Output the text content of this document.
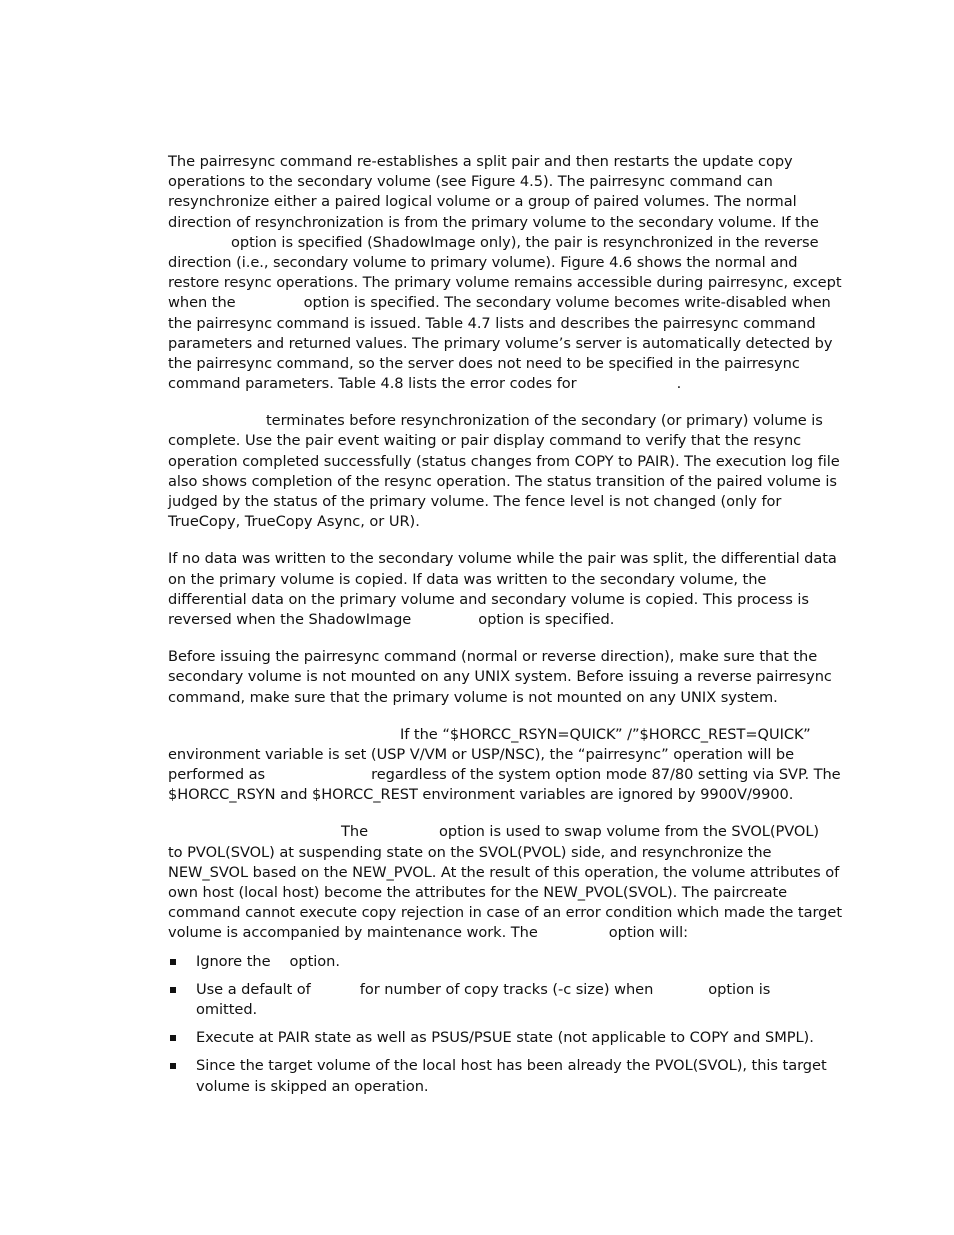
The pairresync command re-establishes a split pair and then restarts the update copy
operations to the secondary volume (see Figure 4.5). The pairresync command can
resynchronize either a paired logical volume or a group of paired volumes. The normal
direction of resynchronization is from the primary volume to the secondary volume. If the
option is specified (ShadowImage only), the pair is resynchronized in the reverse
direction (i.e., secondary volume to primary volume). Figure 4.6 shows the normal and
restore resync operations. The primary volume remains accessible during pairresync, except
when the	option is specified. The secondary volume becomes write-disabled when
the pairresync command is issued. Table 4.7 lists and describes the pairresync command
parameters and returned values. The primary volume’s server is automatically detected by
the pairresync command, so the server does not need to be specified in the pairresync
command parameters. Table 4.8 lists the error codes for	.
terminates before resynchronization of the secondary (or primary) volume is
complete. Use the pair event waiting or pair display command to verify that the resync
operation completed successfully (status changes from COPY to PAIR). The execution log file
also shows completion of the resync operation. The status transition of the paired volume is
judged by the status of the primary volume. The fence level is not changed (only for
TrueCopy, TrueCopy Async, or UR).
If no data was written to the secondary volume while the pair was split, the differential data
on the primary volume is copied. If data was written to the secondary volume, the
differential data on the primary volume and secondary volume is copied. This process is
reversed when the ShadowImage	option is specified.
Before issuing the pairresync command (normal or reverse direction), make sure that the
secondary volume is not mounted on any UNIX system. Before issuing a reverse pairresync
command, make sure that the primary volume is not mounted on any UNIX system.
If the “$HORCC_RSYN=QUICK” /”$HORCC_REST=QUICK”
environment variable is set (USP V/VM or USP/NSC), the “pairresync” operation will be
performed as	regardless of the system option mode 87/80 setting via SVP. The
$HORCC_RSYN and $HORCC_REST environment variables are ignored by 9900V/9900.
The	option is used to swap volume from the SVOL(PVOL)
to PVOL(SVOL) at suspending state on the SVOL(PVOL) side, and resynchronize the
NEW_SVOL based on the NEW_PVOL. At the result of this operation, the volume attributes of
own host (local host) become the attributes for the NEW_PVOL(SVOL). The paircreate
command cannot execute copy rejection in case of an error condition which made the target
volume is accompanied by maintenance work. The	option will:
Ignore the option.
Use a default of	for number of copy tracks (-c size) when	option is
omitted.
Execute at PAIR state as well as PSUS/PSUE state (not applicable to COPY and SMPL).
Since the target volume of the local host has been already the PVOL(SVOL), this target
volume is skipped an operation.
